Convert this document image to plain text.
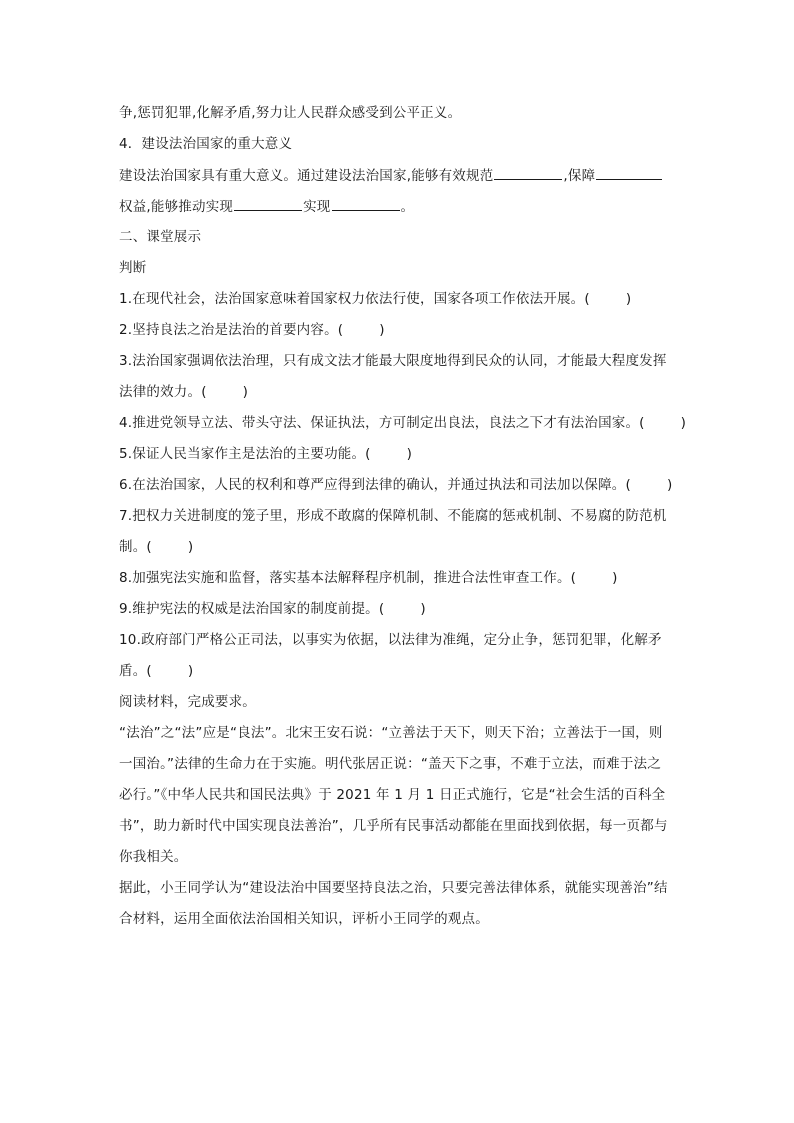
争,惩罚犯罪,化解矛盾,努力让人民群众感受到公平正义。
4．建设法治国家的重大意义
建设法治国家具有重大意义。通过建设法治国家,能够有效规范	,保障
权益,能够推动实现	实现	。
二、课堂展示
判断
1.在现代社会，法治国家意味着国家权力依法行使，国家各项工作依法开展。(	)
2.坚持良法之治是法治的首要内容。(	)
3.法治国家强调依法治理，只有成文法才能最大限度地得到民众的认同，才能最大程度发挥
法律的效力。(	)
4.推进党领导立法、带头守法、保证执法，方可制定出良法，良法之下才有法治国家。(	)
5.保证人民当家作主是法治的主要功能。(	)
6.在法治国家，人民的权利和尊严应得到法律的确认，并通过执法和司法加以保障。(	)
7.把权力关进制度的笼子里，形成不敢腐的保障机制、不能腐的惩戒机制、不易腐的防范机
制。(	)
8.加强宪法实施和监督，落实基本法解释程序机制，推进合法性审查工作。(	)
9.维护宪法的权威是法治国家的制度前提。(	)
10.政府部门严格公正司法，以事实为依据，以法律为准绳，定分止争，惩罚犯罪，化解矛
盾。(	)
阅读材料，完成要求。
“法治”之“法”应是“良法”。北宋王安石说：“立善法于天下，则天下治；立善法于一国，则
一国治。”法律的生命力在于实施。明代张居正说：“盖天下之事，不难于立法，而难于法之
必行。”《中华人民共和国民法典》于 2021 年 1 月 1 日正式施行，它是“社会生活的百科全
书”，助力新时代中国实现良法善治”，几乎所有民事活动都能在里面找到依据，每一页都与
你我相关。
据此，小王同学认为“建设法治中国要坚持良法之治，只要完善法律体系，就能实现善治”结
合材料，运用全面依法治国相关知识，评析小王同学的观点。
